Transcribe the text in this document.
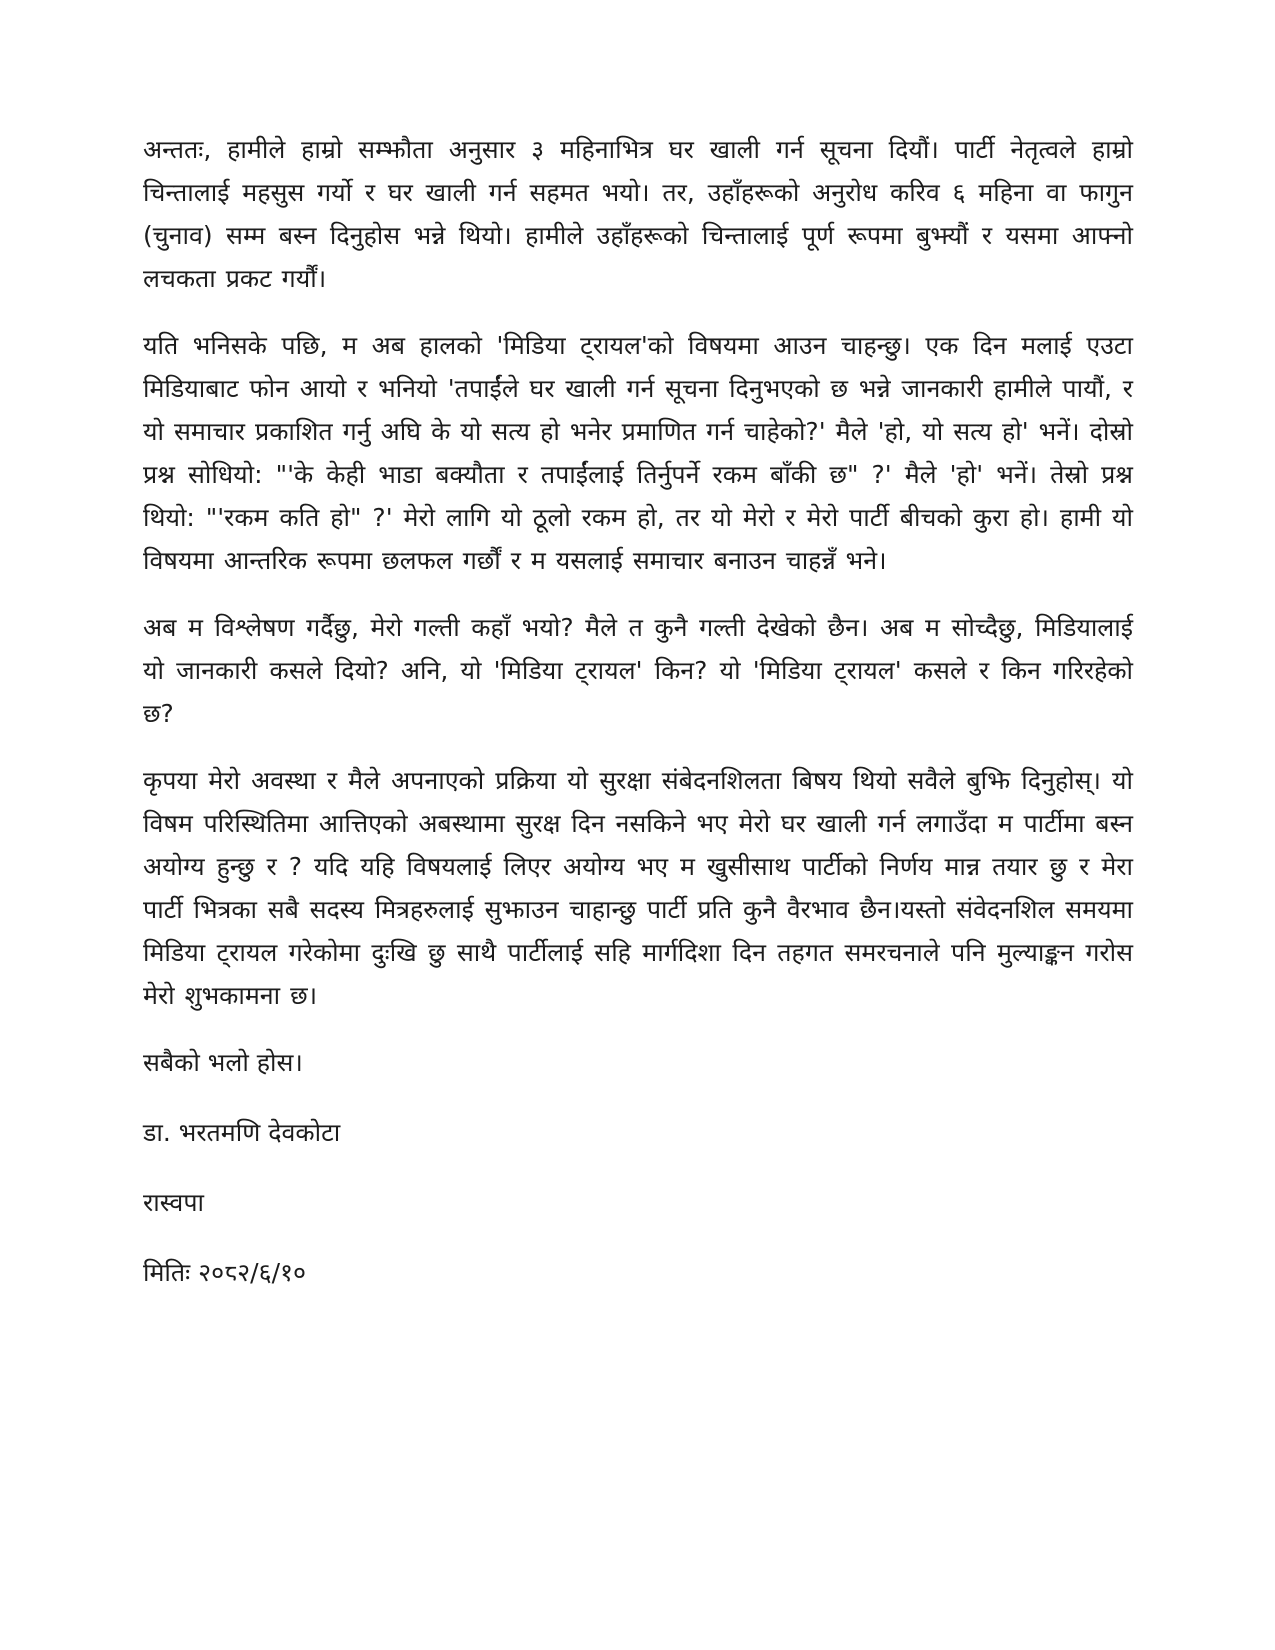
अन्ततः, हामीले हाम्रो सम्झौता अनुसार ३ महिनाभित्र घर खाली गर्न सूचना दियौं। पार्टी नेतृत्वले हाम्रो चिन्तालाई महसुस गर्यो र घर खाली गर्न सहमत भयो। तर, उहाँहरूको अनुरोध करिव ६ महिना वा फागुन (चुनाव) सम्म बस्न दिनुहोस भन्ने थियो। हामीले उहाँहरूको चिन्तालाई पूर्ण रूपमा बुझ्यौं र यसमा आफ्नो लचकता प्रकट गर्यौं।

यति भनिसके पछि, म अब हालको 'मिडिया ट्रायल'को विषयमा आउन चाहन्छु। एक दिन मलाई एउटा मिडियाबाट फोन आयो र भनियो 'तपाईंले घर खाली गर्न सूचना दिनुभएको छ भन्ने जानकारी हामीले पायौं, र यो समाचार प्रकाशित गर्नु अघि के यो सत्य हो भनेर प्रमाणित गर्न चाहेको?' मैले 'हो, यो सत्य हो' भनें। दोस्रो प्रश्न सोधियो: "'के केही भाडा बक्यौता र तपाईंलाई तिर्नुपर्ने रकम बाँकी छ" ?' मैले 'हो' भनें। तेस्रो प्रश्न थियो: "'रकम कति हो" ?' मेरो लागि यो ठूलो रकम हो, तर यो मेरो र मेरो पार्टी बीचको कुरा हो। हामी यो विषयमा आन्तरिक रूपमा छलफल गर्छौं र म यसलाई समाचार बनाउन चाहन्नँ भने।

अब म विश्लेषण गर्दैछु, मेरो गल्ती कहाँ भयो? मैले त कुनै गल्ती देखेको छैन। अब म सोच्दैछु, मिडियालाई यो जानकारी कसले दियो? अनि, यो 'मिडिया ट्रायल' किन? यो 'मिडिया ट्रायल' कसले र किन गरिरहेको छ?

कृपया मेरो अवस्था र मैले अपनाएको प्रक्रिया यो सुरक्षा संबेदनशिलता बिषय थियो सवैले बुझि दिनुहोस्। यो विषम परिस्थितिमा आत्तिएको अबस्थामा सुरक्ष दिन नसकिने भए मेरो घर खाली गर्न लगाउँदा म पार्टीमा बस्न अयोग्य हुन्छु र ? यदि यहि विषयलाई लिएर अयोग्य भए म खुसीसाथ पार्टीको निर्णय मान्न तयार छु र मेरा पार्टी भित्रका सबै सदस्य मित्रहरुलाई सुझाउन चाहान्छु पार्टी प्रति कुनै वैरभाव छैन।यस्तो संवेदनशिल समयमा मिडिया ट्रायल गरेकोमा दुःखि छु साथै पार्टीलाई सहि मार्गदिशा दिन तहगत समरचनाले पनि मुल्याङ्कन गरोस मेरो शुभकामना छ।

सबैको भलो होस।

डा. भरतमणि देवकोटा

रास्वपा

मितिः २०८२/६/१०
